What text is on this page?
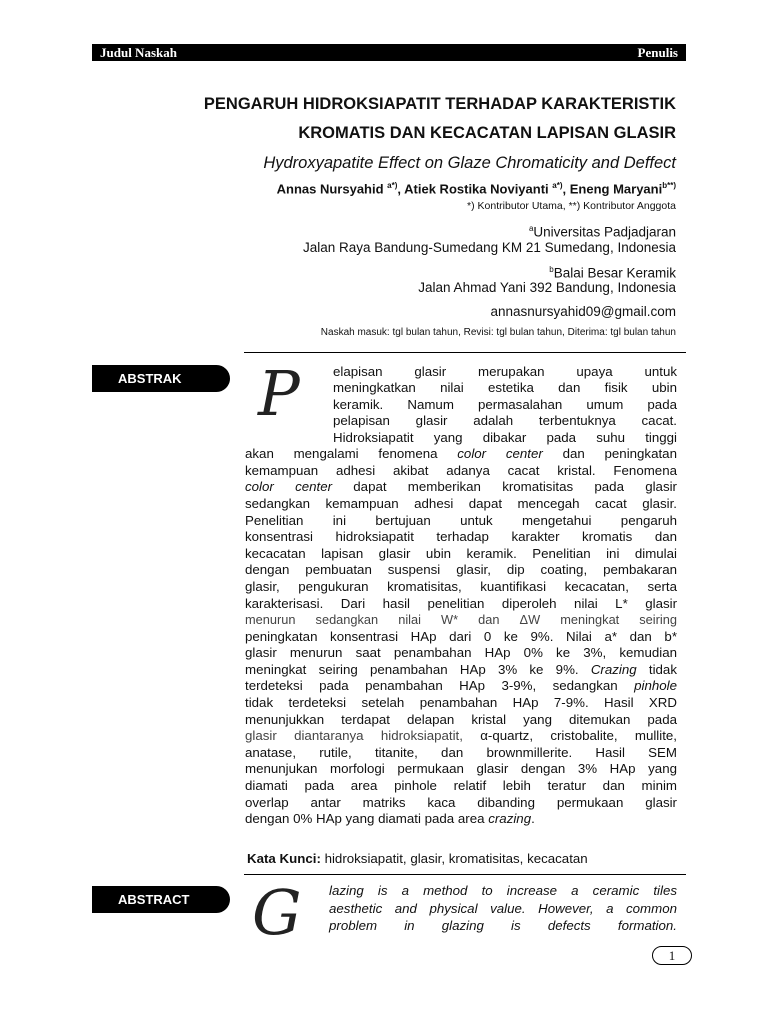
Judul Naskah	Penulis
PENGARUH HIDROKSIAPATIT TERHADAP KARAKTERISTIK
KROMATIS DAN KECACATAN LAPISAN GLASIR
Hydroxyapatite Effect on Glaze Chromaticity and Deffect
Annas Nursyahid $^{a*)}$, Atiek Rostika Noviyanti $^{a*)}$, Eneng Maryani$^{b**)}$
*) Kontributor Utama, **) Kontributor Anggota
$^a$Universitas Padjadjaran
Jalan Raya Bandung-Sumedang KM 21 Sumedang, Indonesia
$^b$Balai Besar Keramik
Jalan Ahmad Yani 392 Bandung, Indonesia
annasnursyahid09@gmail.com
Naskah masuk: tgl bulan tahun, Revisi: tgl bulan tahun, Diterima: tgl bulan tahun
ABSTRAK	P	elapisan glasir merupakan upaya untuk
meningkatkan nilai estetika dan fisik ubin
keramik. Namum permasalahan umum pada
pelapisan glasir adalah terbentuknya cacat.
Hidroksiapatit yang dibakar pada suhu tinggi
akan mengalami fenomena color center dan peningkatan
kemampuan adhesi akibat adanya cacat kristal. Fenomena
color center dapat memberikan kromatisitas pada glasir
sedangkan kemampuan adhesi dapat mencegah cacat glasir.
Penelitian ini bertujuan untuk mengetahui pengaruh
konsentrasi hidroksiapatit terhadap karakter kromatis dan
kecacatan lapisan glasir ubin keramik. Penelitian ini dimulai
dengan pembuatan suspensi glasir, dip coating, pembakaran
glasir, pengukuran kromatisitas, kuantifikasi kecacatan, serta
karakterisasi. Dari hasil penelitian diperoleh nilai L* glasir
menurun sedangkan nilai W* dan ΔW meningkat seiring
peningkatan konsentrasi HAp dari 0 ke 9%. Nilai a* dan b*
glasir menurun saat penambahan HAp 0% ke 3%, kemudian
meningkat seiring penambahan HAp 3% ke 9%. Crazing tidak
terdeteksi pada penambahan HAp 3-9%, sedangkan pinhole
tidak terdeteksi setelah penambahan HAp 7-9%. Hasil XRD
menunjukkan terdapat delapan kristal yang ditemukan pada
glasir diantaranya hidroksiapatit, α-quartz, cristobalite, mullite,
anatase, rutile, titanite, dan brownmillerite. Hasil SEM
menunjukan morfologi permukaan glasir dengan 3% HAp yang
diamati pada area pinhole relatif lebih teratur dan minim
overlap antar matriks kaca dibanding permukaan glasir
dengan 0% HAp yang diamati pada area crazing.
Kata Kunci: hidroksiapatit, glasir, kromatisitas, kecacatan
ABSTRACT	G lazing is a method to increase a ceramic tiles
aesthetic and physical value. However, a common
problem in glazing is defects formation.
1
